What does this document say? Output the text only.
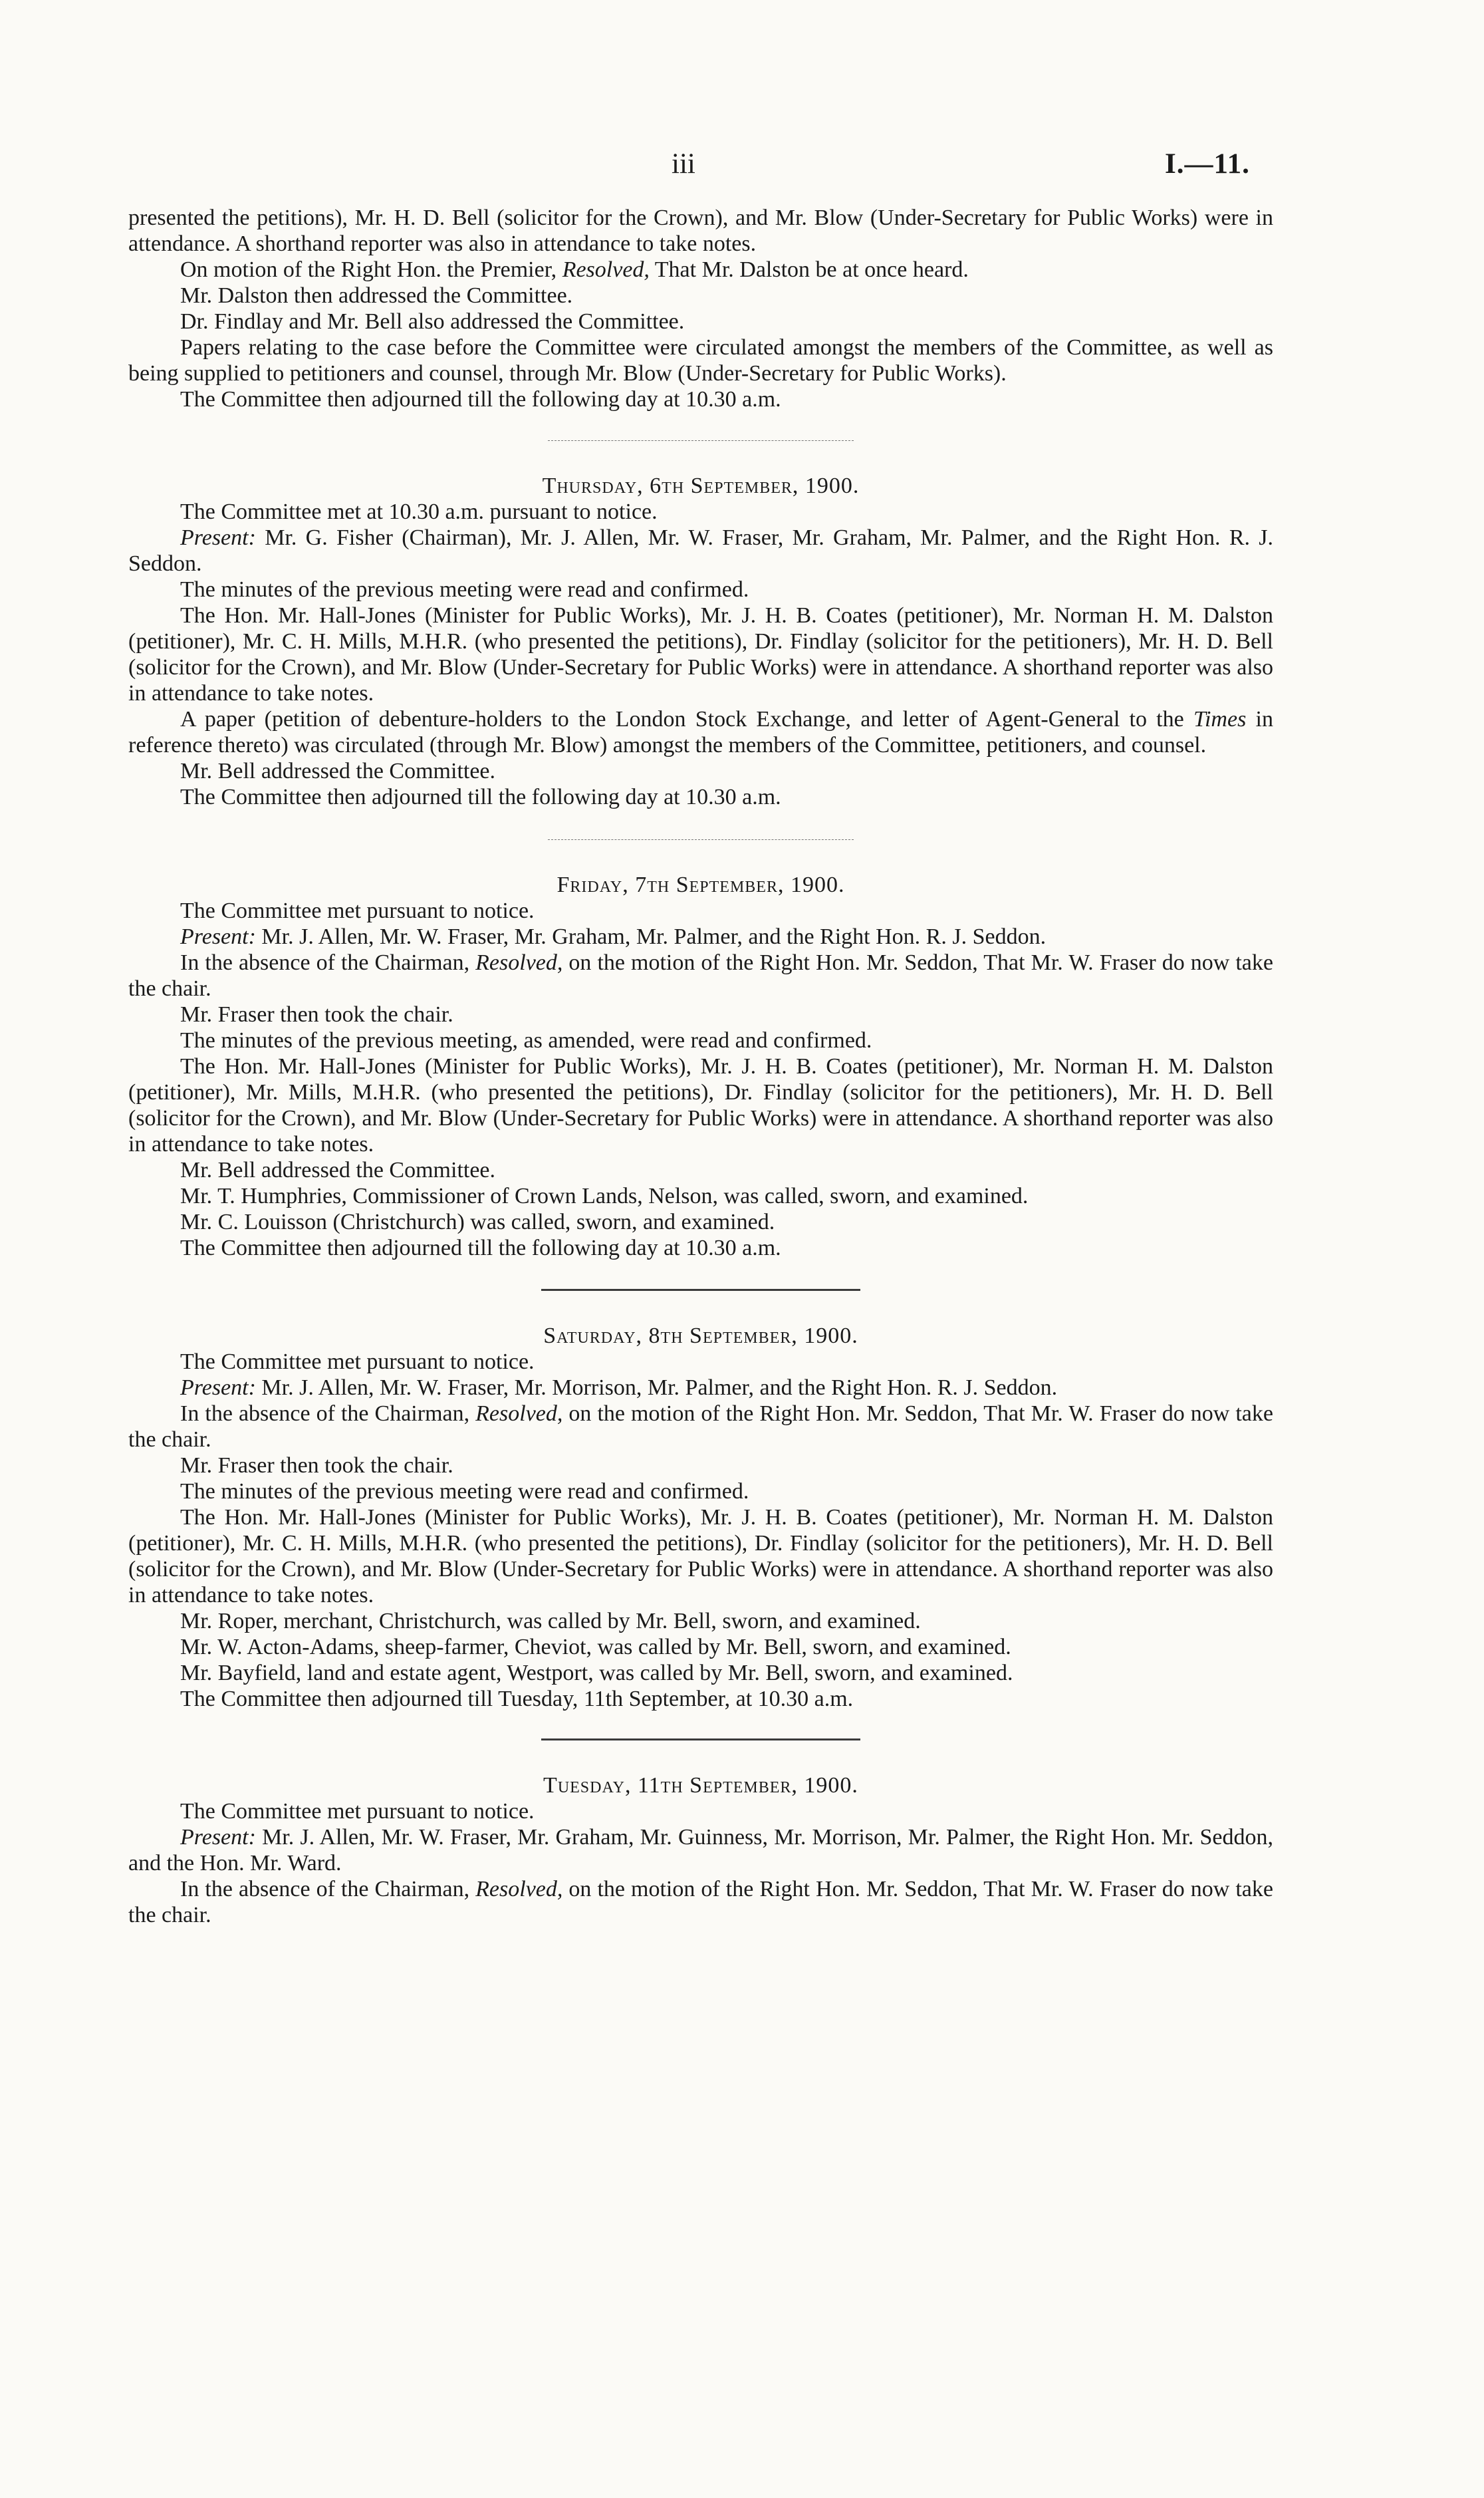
iii	I.—11.

presented the petitions), Mr. H. D. Bell (solicitor for the Crown), and Mr. Blow (Under-Secretary for Public Works) were in attendance. A shorthand reporter was also in attendance to take notes.

On motion of the Right Hon. the Premier, Resolved, That Mr. Dalston be at once heard.

Mr. Dalston then addressed the Committee.

Dr. Findlay and Mr. Bell also addressed the Committee.

Papers relating to the case before the Committee were circulated amongst the members of the Committee, as well as being supplied to petitioners and counsel, through Mr. Blow (Under-Secretary for Public Works).

The Committee then adjourned till the following day at 10.30 a.m.

Thursday, 6th September, 1900.

The Committee met at 10.30 a.m. pursuant to notice.

Present: Mr. G. Fisher (Chairman), Mr. J. Allen, Mr. W. Fraser, Mr. Graham, Mr. Palmer, and the Right Hon. R. J. Seddon.

The minutes of the previous meeting were read and confirmed.

The Hon. Mr. Hall-Jones (Minister for Public Works), Mr. J. H. B. Coates (petitioner), Mr. Norman H. M. Dalston (petitioner), Mr. C. H. Mills, M.H.R. (who presented the petitions), Dr. Findlay (solicitor for the petitioners), Mr. H. D. Bell (solicitor for the Crown), and Mr. Blow (Under-Secretary for Public Works) were in attendance. A shorthand reporter was also in attendance to take notes.

A paper (petition of debenture-holders to the London Stock Exchange, and letter of Agent-General to the Times in reference thereto) was circulated (through Mr. Blow) amongst the members of the Committee, petitioners, and counsel.

Mr. Bell addressed the Committee.

The Committee then adjourned till the following day at 10.30 a.m.

Friday, 7th September, 1900.

The Committee met pursuant to notice.

Present: Mr. J. Allen, Mr. W. Fraser, Mr. Graham, Mr. Palmer, and the Right Hon. R. J. Seddon.

In the absence of the Chairman, Resolved, on the motion of the Right Hon. Mr. Seddon, That Mr. W. Fraser do now take the chair.

Mr. Fraser then took the chair.

The minutes of the previous meeting, as amended, were read and confirmed.

The Hon. Mr. Hall-Jones (Minister for Public Works), Mr. J. H. B. Coates (petitioner), Mr. Norman H. M. Dalston (petitioner), Mr. Mills, M.H.R. (who presented the petitions), Dr. Findlay (solicitor for the petitioners), Mr. H. D. Bell (solicitor for the Crown), and Mr. Blow (Under-Secretary for Public Works) were in attendance. A shorthand reporter was also in attendance to take notes.

Mr. Bell addressed the Committee.

Mr. T. Humphries, Commissioner of Crown Lands, Nelson, was called, sworn, and examined.

Mr. C. Louisson (Christchurch) was called, sworn, and examined.

The Committee then adjourned till the following day at 10.30 a.m.

Saturday, 8th September, 1900.

The Committee met pursuant to notice.

Present: Mr. J. Allen, Mr. W. Fraser, Mr. Morrison, Mr. Palmer, and the Right Hon. R. J. Seddon.

In the absence of the Chairman, Resolved, on the motion of the Right Hon. Mr. Seddon, That Mr. W. Fraser do now take the chair.

Mr. Fraser then took the chair.

The minutes of the previous meeting were read and confirmed.

The Hon. Mr. Hall-Jones (Minister for Public Works), Mr. J. H. B. Coates (petitioner), Mr. Norman H. M. Dalston (petitioner), Mr. C. H. Mills, M.H.R. (who presented the petitions), Dr. Findlay (solicitor for the petitioners), Mr. H. D. Bell (solicitor for the Crown), and Mr. Blow (Under-Secretary for Public Works) were in attendance. A shorthand reporter was also in attendance to take notes.

Mr. Roper, merchant, Christchurch, was called by Mr. Bell, sworn, and examined.

Mr. W. Acton-Adams, sheep-farmer, Cheviot, was called by Mr. Bell, sworn, and examined.

Mr. Bayfield, land and estate agent, Westport, was called by Mr. Bell, sworn, and examined.

The Committee then adjourned till Tuesday, 11th September, at 10.30 a.m.

Tuesday, 11th September, 1900.

The Committee met pursuant to notice.

Present: Mr. J. Allen, Mr. W. Fraser, Mr. Graham, Mr. Guinness, Mr. Morrison, Mr. Palmer, the Right Hon. Mr. Seddon, and the Hon. Mr. Ward.

In the absence of the Chairman, Resolved, on the motion of the Right Hon. Mr. Seddon, That Mr. W. Fraser do now take the chair.
